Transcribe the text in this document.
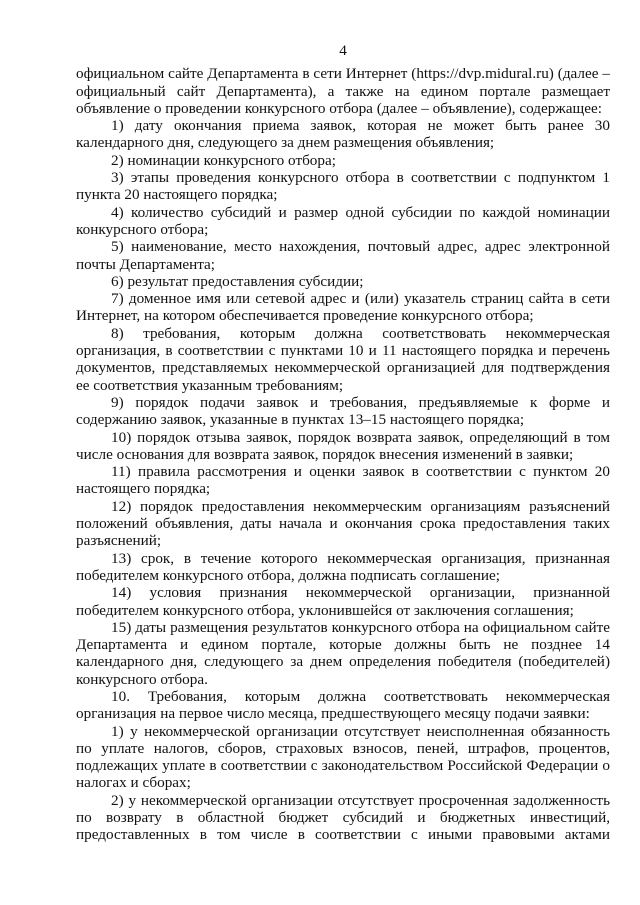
4

официальном сайте Департамента в сети Интернет (https://dvp.midural.ru) (далее – официальный сайт Департамента), а также на едином портале размещает объявление о проведении конкурсного отбора (далее – объявление), содержащее:

1) дату окончания приема заявок, которая не может быть ранее 30 календарного дня, следующего за днем размещения объявления;

2) номинации конкурсного отбора;

3) этапы проведения конкурсного отбора в соответствии с подпунктом 1 пункта 20 настоящего порядка;

4) количество субсидий и размер одной субсидии по каждой номинации конкурсного отбора;

5) наименование, место нахождения, почтовый адрес, адрес электронной почты Департамента;

6) результат предоставления субсидии;

7) доменное имя или сетевой адрес и (или) указатель страниц сайта в сети Интернет, на котором обеспечивается проведение конкурсного отбора;

8) требования, которым должна соответствовать некоммерческая организация, в соответствии с пунктами 10 и 11 настоящего порядка и перечень документов, представляемых некоммерческой организацией для подтверждения ее соответствия указанным требованиям;

9) порядок подачи заявок и требования, предъявляемые к форме и содержанию заявок, указанные в пунктах 13–15 настоящего порядка;

10) порядок отзыва заявок, порядок возврата заявок, определяющий в том числе основания для возврата заявок, порядок внесения изменений в заявки;

11) правила рассмотрения и оценки заявок в соответствии с пунктом 20 настоящего порядка;

12) порядок предоставления некоммерческим организациям разъяснений положений объявления, даты начала и окончания срока предоставления таких разъяснений;

13) срок, в течение которого некоммерческая организация, признанная победителем конкурсного отбора, должна подписать соглашение;

14) условия признания некоммерческой организации, признанной победителем конкурсного отбора, уклонившейся от заключения соглашения;

15) даты размещения результатов конкурсного отбора на официальном сайте Департамента и едином портале, которые должны быть не позднее 14 календарного дня, следующего за днем определения победителя (победителей) конкурсного отбора.

10. Требования, которым должна соответствовать некоммерческая организация на первое число месяца, предшествующего месяцу подачи заявки:

1) у некоммерческой организации отсутствует неисполненная обязанность по уплате налогов, сборов, страховых взносов, пеней, штрафов, процентов, подлежащих уплате в соответствии с законодательством Российской Федерации о налогах и сборах;

2) у некоммерческой организации отсутствует просроченная задолженность по возврату в областной бюджет субсидий и бюджетных инвестиций, предоставленных в том числе в соответствии с иными правовыми актами
